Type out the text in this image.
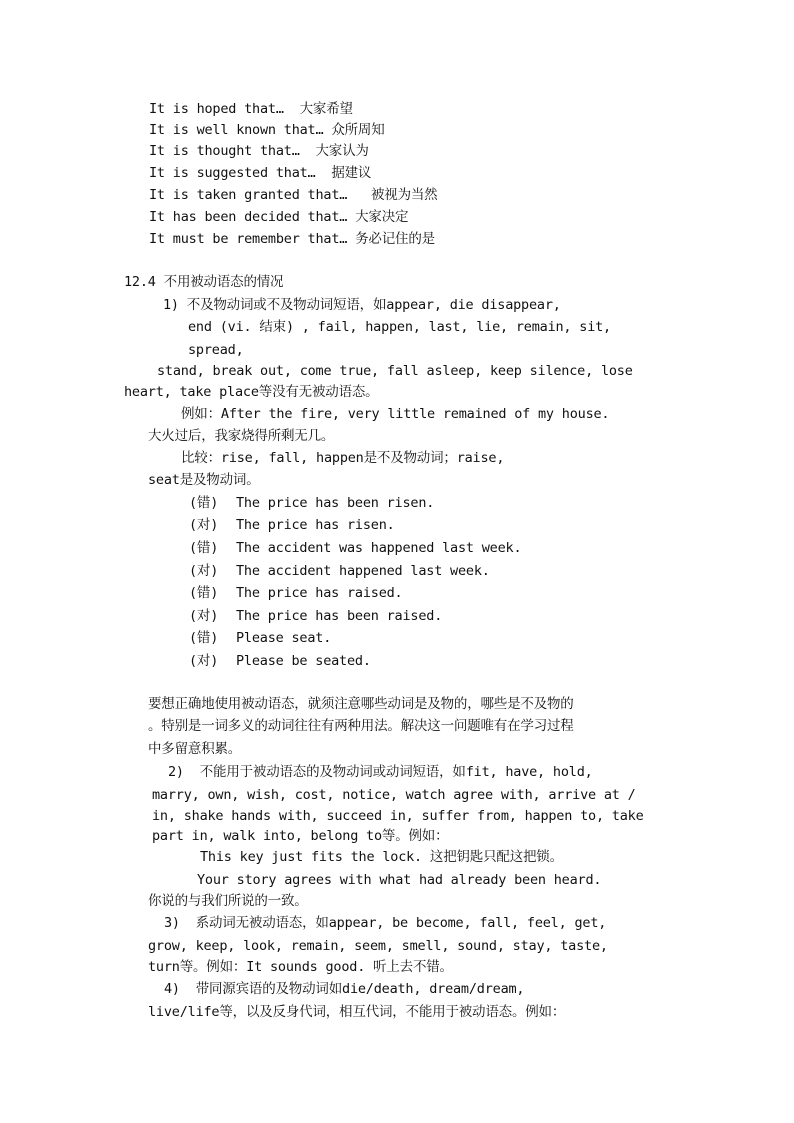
It is hoped that…  大家希望
It is well known that… 众所周知
It is thought that…  大家认为
It is suggested that…  据建议
It is taken granted that…   被视为当然
It has been decided that… 大家决定
It must be remember that… 务必记住的是
12.4 不用被动语态的情况
1) 不及物动词或不及物动词短语，如appear, die disappear,
end (vi. 结束) , fail, happen, last, lie, remain, sit,
spread,
stand, break out, come true, fall asleep, keep silence, lose
heart, take place等没有无被动语态。
例如：After the fire, very little remained of my house.
大火过后，我家烧得所剩无几。
比较：rise, fall, happen是不及物动词；raise,
seat是及物动词。
(错) The price has been risen.
(对) The price has risen.
(错) The accident was happened last week.
(对) The accident happened last week.
(错) The price has raised.
(对) The price has been raised.
(错) Please seat.
(对) Please be seated.
要想正确地使用被动语态，就须注意哪些动词是及物的，哪些是不及物的
。特别是一词多义的动词往往有两种用法。解决这一问题唯有在学习过程
中多留意积累。
2)  不能用于被动语态的及物动词或动词短语，如fit, have, hold,
marry, own, wish, cost, notice, watch agree with, arrive at /
in, shake hands with, succeed in, suffer from, happen to, take
part in, walk into, belong to等。例如：
This key just fits the lock. 这把钥匙只配这把锁。
Your story agrees with what had already been heard.
你说的与我们所说的一致。
3)  系动词无被动语态，如appear, be become, fall, feel, get,
grow, keep, look, remain, seem, smell, sound, stay, taste,
turn等。例如：It sounds good. 听上去不错。
4)  带同源宾语的及物动词如die/death, dream/dream,
live/life等，以及反身代词，相互代词，不能用于被动语态。例如：
